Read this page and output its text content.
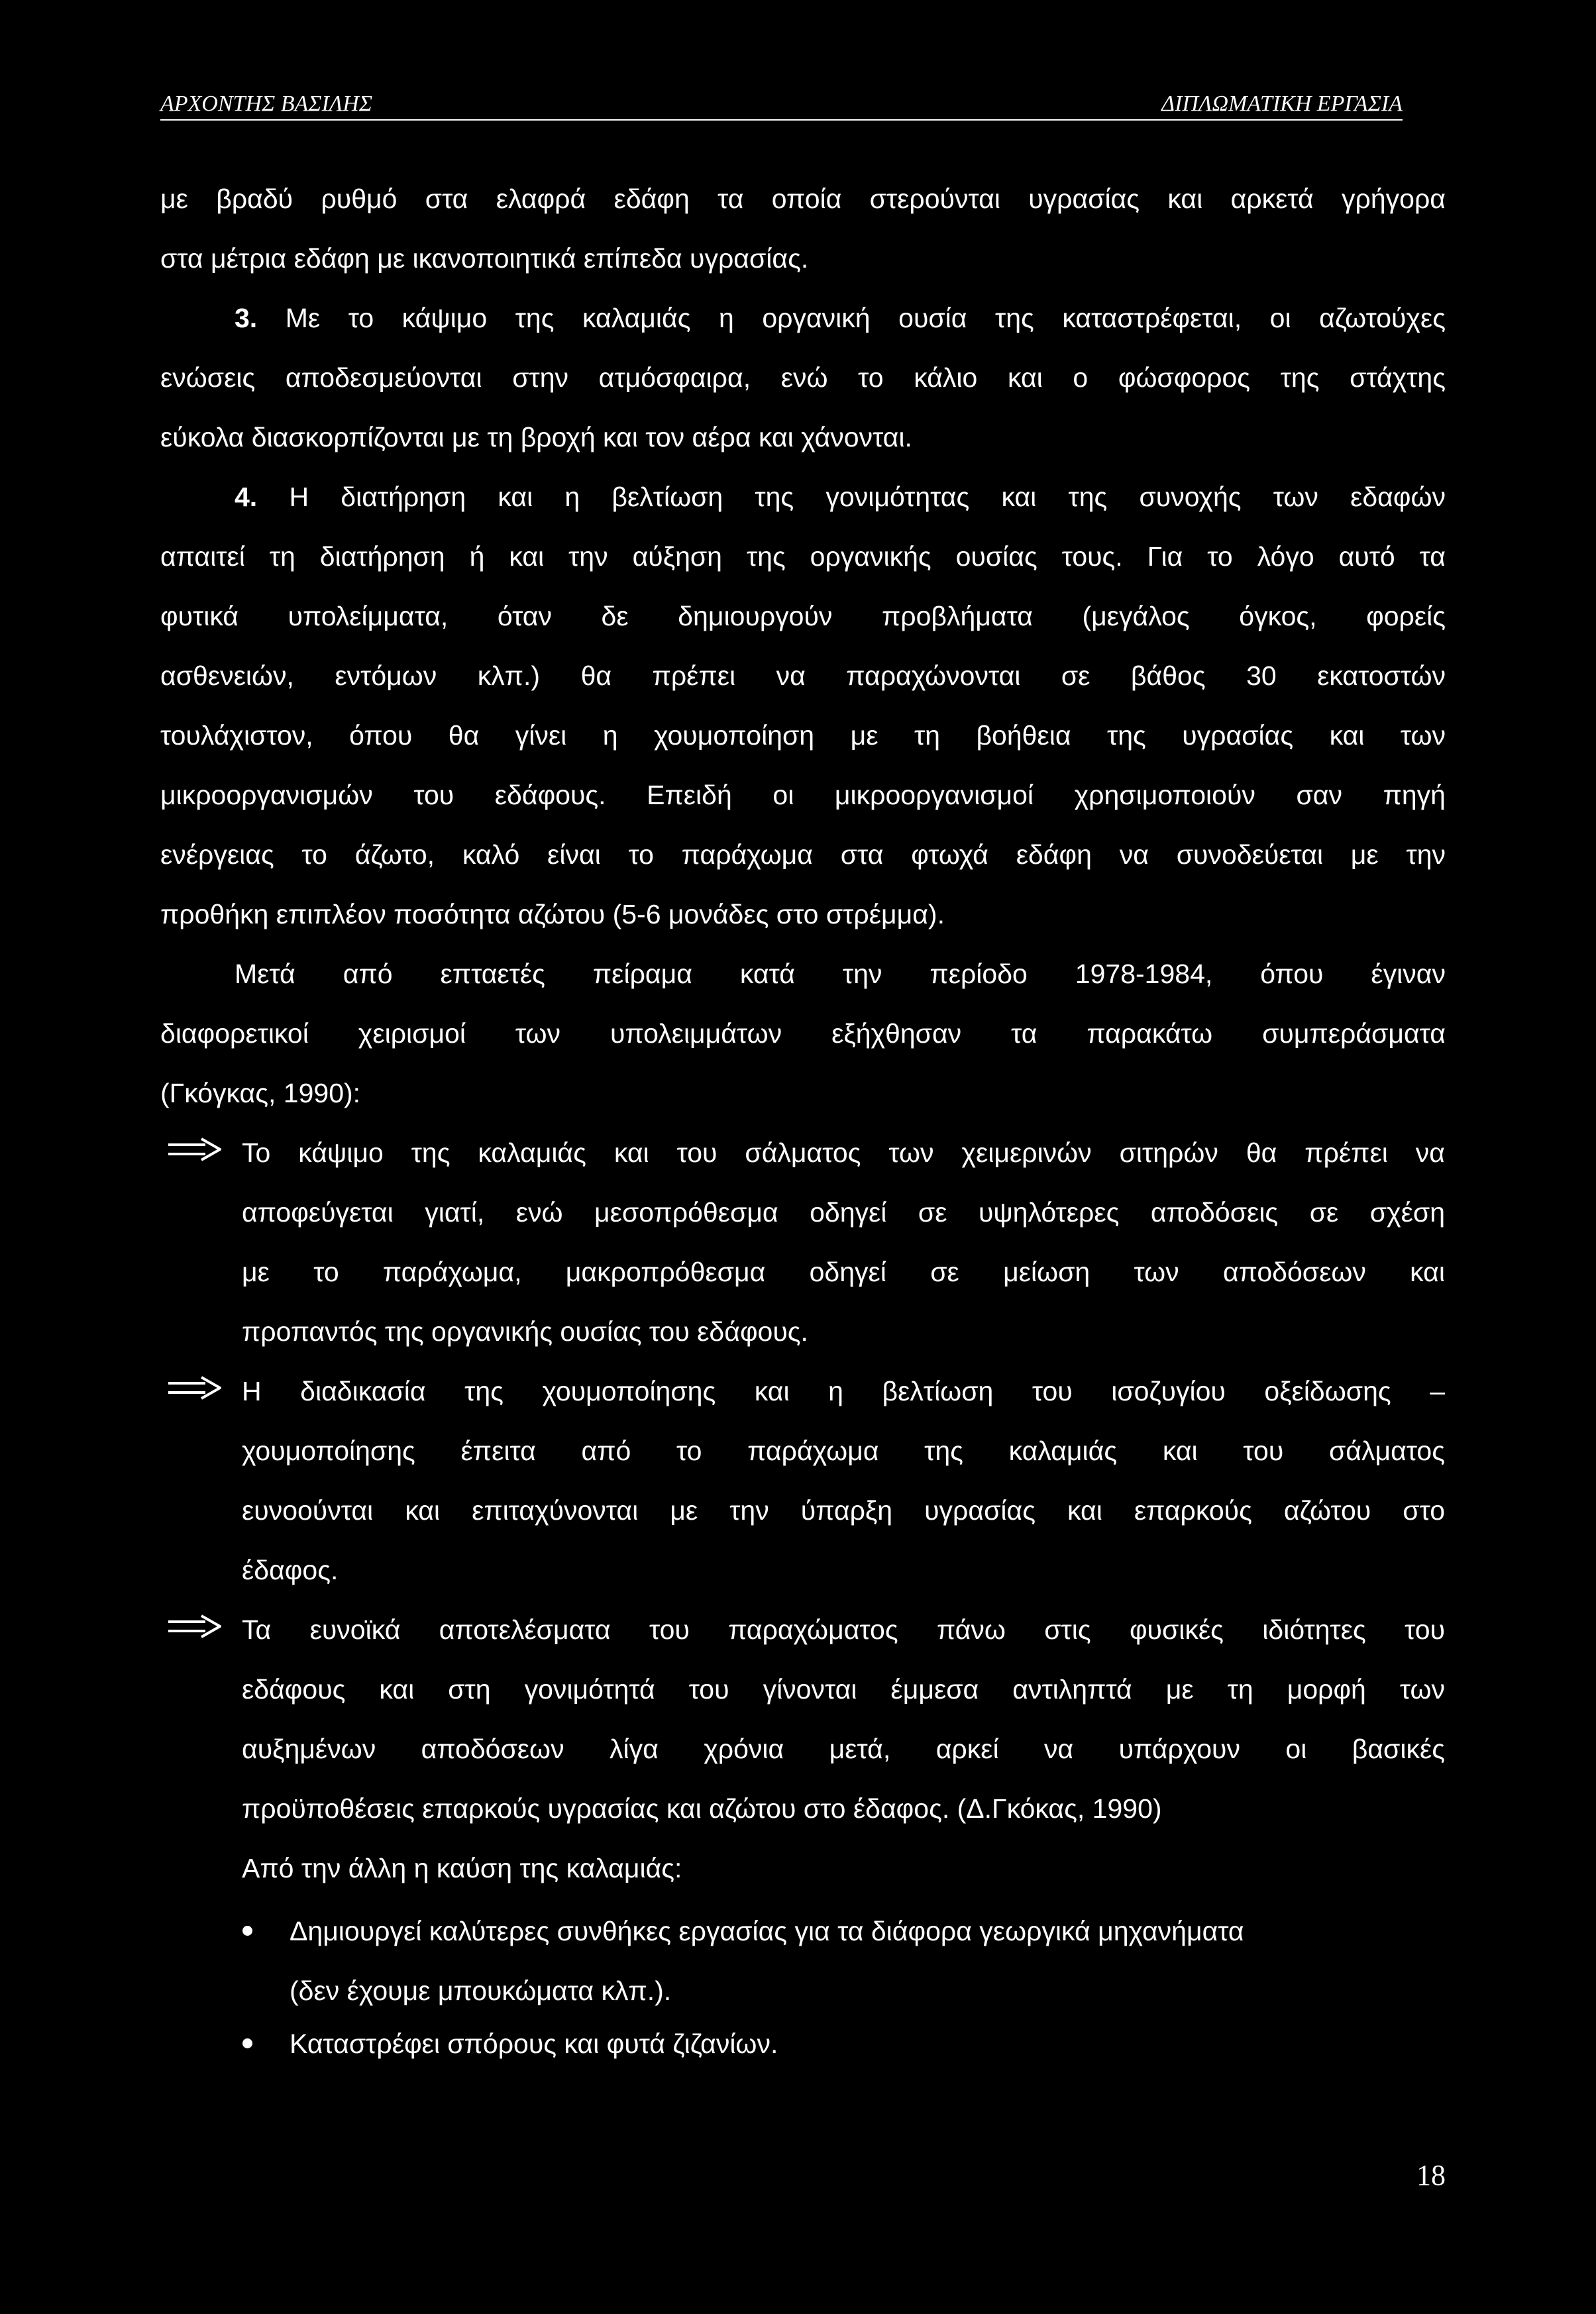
ΑΡΧΟΝΤΗΣ ΒΑΣΙΛΗΣ	ΔΙΠΛΩΜΑΤΙΚΗ ΕΡΓΑΣΙΑ
με βραδύ ρυθμό στα ελαφρά εδάφη τα οποία στερούνται υγρασίας και αρκετά γρήγορα
στα μέτρια εδάφη με ικανοποιητικά επίπεδα υγρασίας.
3. Με το κάψιμο της καλαμιάς η οργανική ουσία της καταστρέφεται, οι αζωτούχες
ενώσεις αποδεσμεύονται στην ατμόσφαιρα, ενώ το κάλιο και ο φώσφορος της στάχτης
εύκολα διασκορπίζονται με τη βροχή και τον αέρα και χάνονται.
4. Η διατήρηση και η βελτίωση της γονιμότητας και της συνοχής των εδαφών
απαιτεί τη διατήρηση ή και την αύξηση της οργανικής ουσίας τους. Για το λόγο αυτό τα
φυτικά υπολείμματα, όταν δε δημιουργούν προβλήματα (μεγάλος όγκος, φορείς
ασθενειών, εντόμων κλπ.) θα πρέπει να παραχώνονται σε βάθος 30 εκατοστών
τουλάχιστον, όπου θα γίνει η χουμοποίηση με τη βοήθεια της υγρασίας και των
μικροοργανισμών του εδάφους. Επειδή οι μικροοργανισμοί χρησιμοποιούν σαν πηγή
ενέργειας το άζωτο, καλό είναι το παράχωμα στα φτωχά εδάφη να συνοδεύεται με την
προθήκη επιπλέον ποσότητα αζώτου (5-6 μονάδες στο στρέμμα).
Μετά από επταετές πείραμα κατά την περίοδο 1978-1984, όπου έγιναν
διαφορετικοί χειρισμοί των υπολειμμάτων εξήχθησαν τα παρακάτω συμπεράσματα
(Γκόγκας, 1990):
Το κάψιμο της καλαμιάς και του σάλματος των χειμερινών σιτηρών θα πρέπει να
αποφεύγεται γιατί, ενώ μεσοπρόθεσμα οδηγεί σε υψηλότερες αποδόσεις σε σχέση
με το παράχωμα, μακροπρόθεσμα οδηγεί σε μείωση των αποδόσεων και
προπαντός της οργανικής ουσίας του εδάφους.
Η διαδικασία της χουμοποίησης και η βελτίωση του ισοζυγίου οξείδωσης –
χουμοποίησης έπειτα από το παράχωμα της καλαμιάς και του σάλματος
ευνοούνται και επιταχύνονται με την ύπαρξη υγρασίας και επαρκούς αζώτου στο
έδαφος.
Τα ευνοϊκά αποτελέσματα του παραχώματος πάνω στις φυσικές ιδιότητες του
εδάφους και στη γονιμότητά του γίνονται έμμεσα αντιληπτά με τη μορφή των
αυξημένων αποδόσεων λίγα χρόνια μετά, αρκεί να υπάρχουν οι βασικές
προϋποθέσεις επαρκούς υγρασίας και αζώτου στο έδαφος. (Δ.Γκόκας, 1990)
Από την άλλη η καύση της καλαμιάς:
Δημιουργεί καλύτερες συνθήκες εργασίας για τα διάφορα γεωργικά μηχανήματα
(δεν έχουμε μπουκώματα κλπ.).
Καταστρέφει σπόρους και φυτά ζιζανίων.
18
